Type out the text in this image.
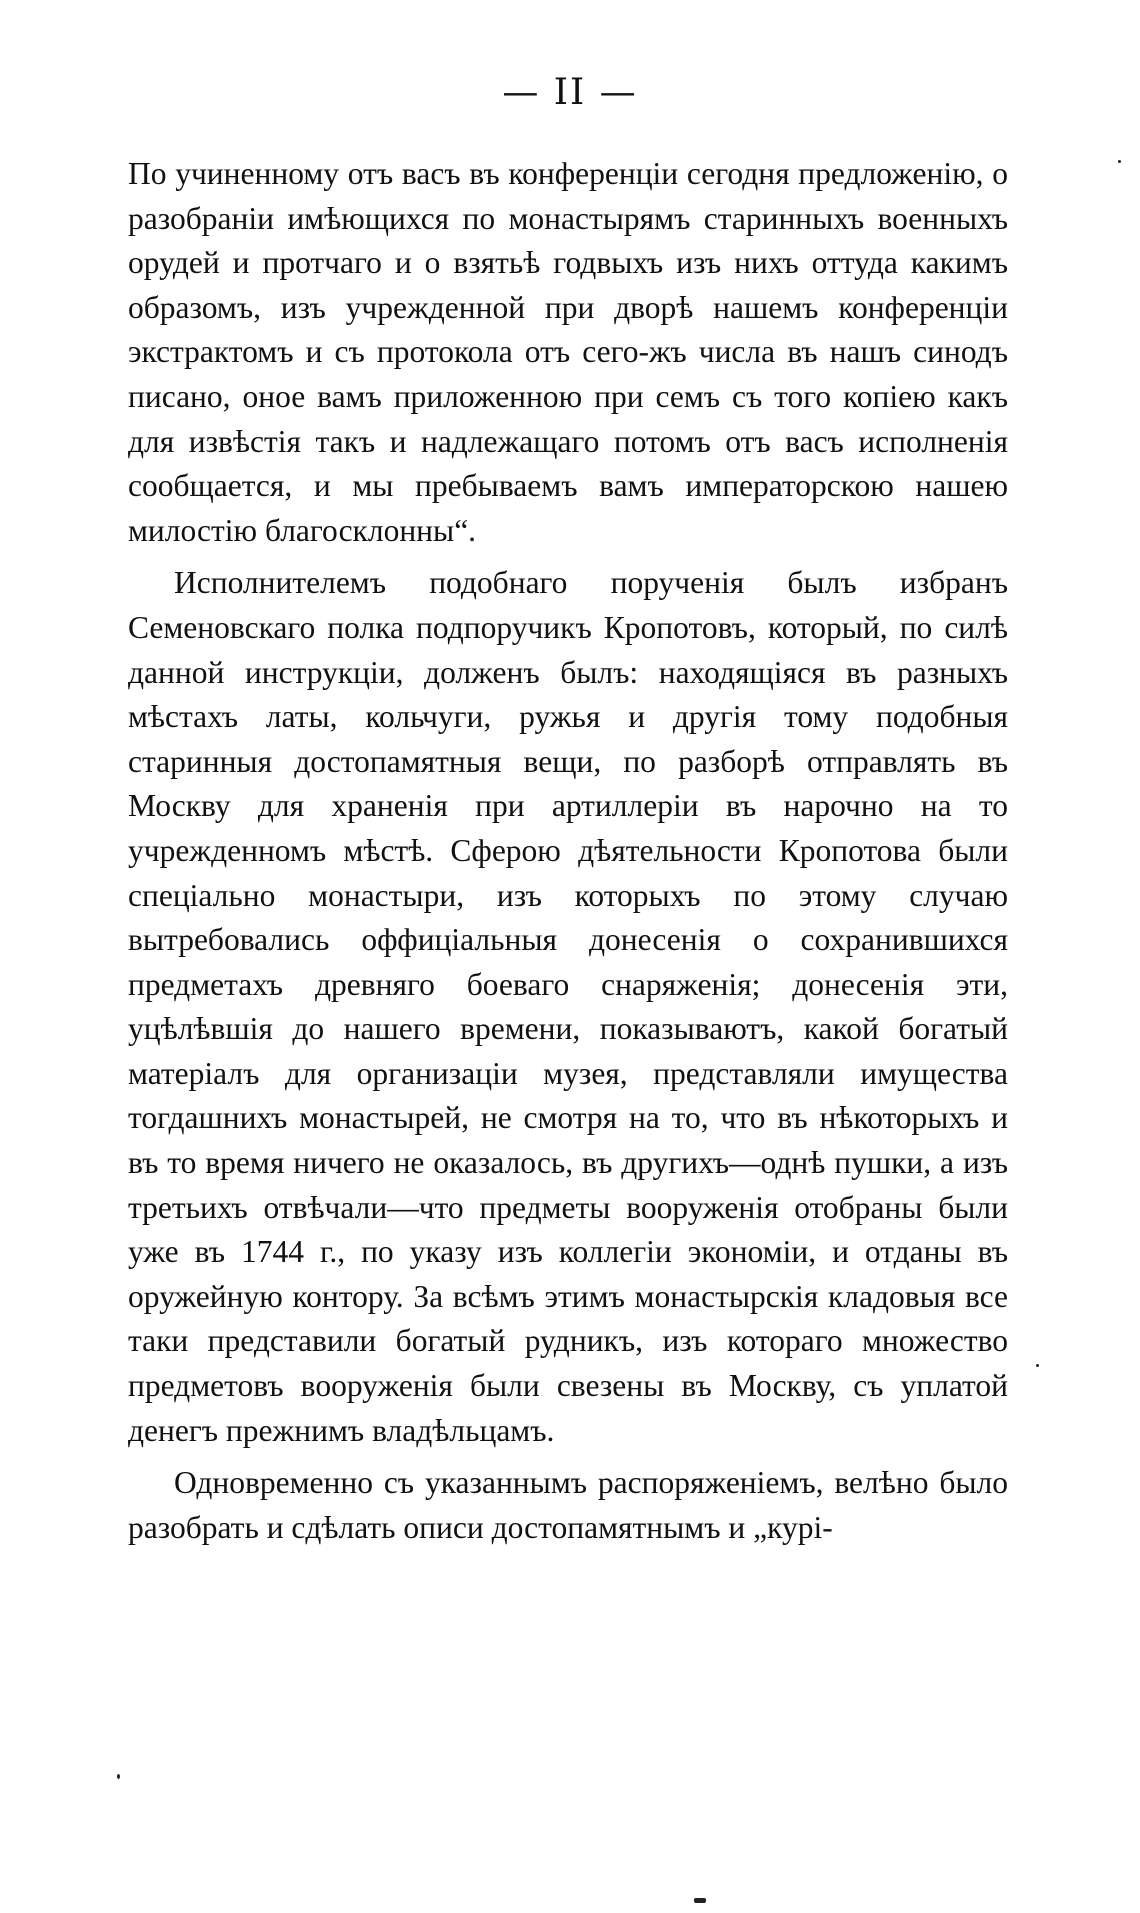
— II —

По учиненному отъ васъ въ конференціи сегодня предложенію, о разобраніи имѣющихся по монастырямъ старинныхъ военныхъ орудей и протчаго и о взятьѣ годвыхъ изъ нихъ оттуда какимъ образомъ, изъ учрежденной при дворѣ нашемъ конференціи экстрактомъ и съ протокола отъ сего-жъ числа въ нашъ синодъ писано, оное вамъ приложенною при семъ съ того копіею какъ для извѣстія такъ и надлежащаго потомъ отъ васъ исполненія сообщается, и мы пребываемъ вамъ императорскою нашею милостію благосклонны“.

Исполнителемъ подобнаго порученія былъ избранъ Семеновскаго полка подпоручикъ Кропотовъ, который, по силѣ данной инструкціи, долженъ былъ: находящіяся въ разныхъ мѣстахъ латы, кольчуги, ружья и другія тому подобныя старинныя достопамятныя вещи, по разборѣ отправлять въ Москву для храненія при артиллеріи въ нарочно на то учрежденномъ мѣстѣ. Сферою дѣятельности Кропотова были спеціально монастыри, изъ которыхъ по этому случаю вытребовались оффиціальныя донесенія о сохранившихся предметахъ древняго боеваго снаряженія; донесенія эти, уцѣлѣвшія до нашего времени, показываютъ, какой богатый матеріалъ для организаціи музея, представляли имущества тогдашнихъ монастырей, не смотря на то, что въ нѣкоторыхъ и въ то время ничего не оказалось, въ другихъ—однѣ пушки, а изъ третьихъ отвѣчали—что предметы вооруженія отобраны были уже въ 1744 г., по указу изъ коллегіи экономіи, и отданы въ оружейную контору. За всѣмъ этимъ монастырскія кладовыя все таки представили богатый рудникъ, изъ котораго множество предметовъ вооруженія были свезены въ Москву, съ уплатой денегъ прежнимъ владѣльцамъ.

Одновременно съ указаннымъ распоряженіемъ, велѣно было разобрать и сдѣлать описи достопамятнымъ и „курі-
